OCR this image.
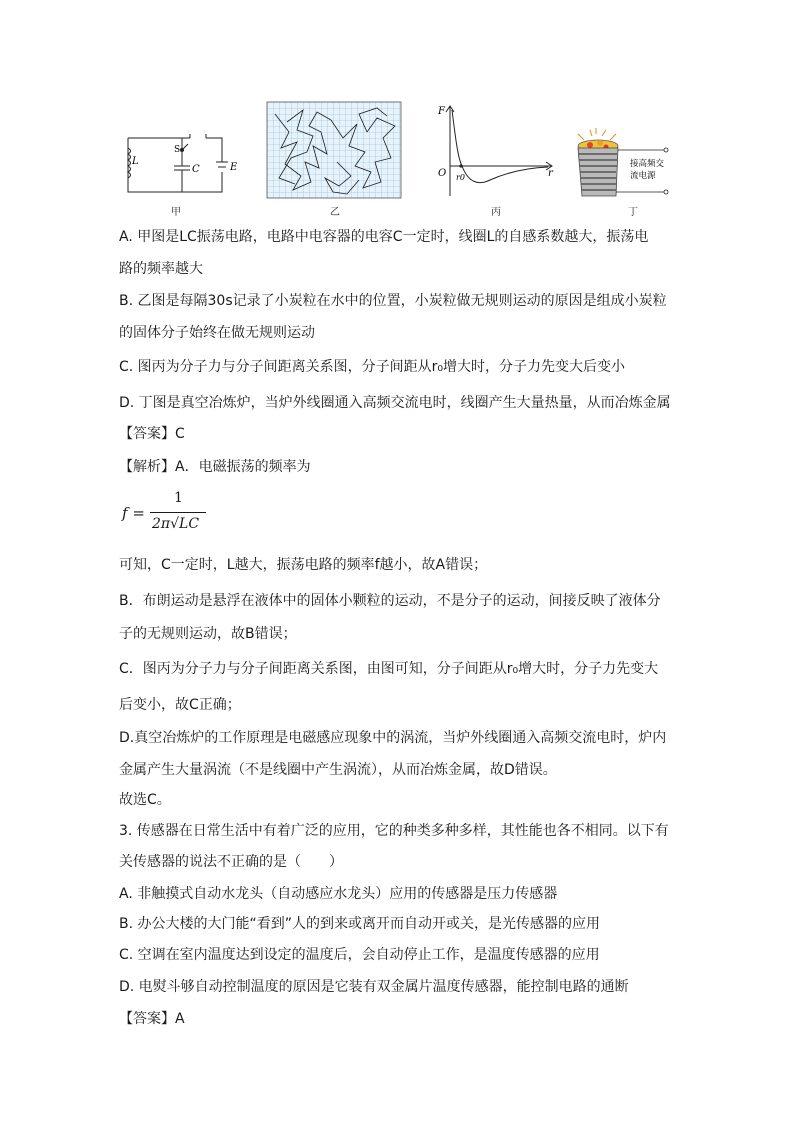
L
S
C	E
甲	乙
F
O r0	r
丙
接高频交
流电源
丁
A. 甲图是LC振荡电路，电路中电容器的电容C一定时，线圈L的自感系数越大，振荡电
路的频率越大
B. 乙图是每隔30s记录了小炭粒在水中的位置，小炭粒做无规则运动的原因是组成小炭粒
的固体分子始终在做无规则运动
C. 图丙为分子力与分子间距离关系图，分子间距从r₀增大时，分子力先变大后变小
D. 丁图是真空冶炼炉，当炉外线圈通入高频交流电时，线圈产生大量热量，从而冶炼金属
【答案】C
【解析】A．电磁振荡的频率为
f =
1
2π√LC
可知，C一定时，L越大，振荡电路的频率f越小，故A错误；
B．布朗运动是悬浮在液体中的固体小颗粒的运动，不是分子的运动，间接反映了液体分
子的无规则运动，故B错误；
C．图丙为分子力与分子间距离关系图，由图可知，分子间距从r₀增大时，分子力先变大
后变小，故C正确；
D.真空冶炼炉的工作原理是电磁感应现象中的涡流，当炉外线圈通入高频交流电时，炉内
金属产生大量涡流（不是线圈中产生涡流），从而冶炼金属，故D错误。
故选C。
3. 传感器在日常生活中有着广泛的应用，它的种类多种多样，其性能也各不相同。以下有
关传感器的说法不正确的是（　　）
A. 非触摸式自动水龙头（自动感应水龙头）应用的传感器是压力传感器
B. 办公大楼的大门能“看到”人的到来或离开而自动开或关，是光传感器的应用
C. 空调在室内温度达到设定的温度后，会自动停止工作，是温度传感器的应用
D. 电熨斗够自动控制温度的原因是它装有双金属片温度传感器，能控制电路的通断
【答案】A
